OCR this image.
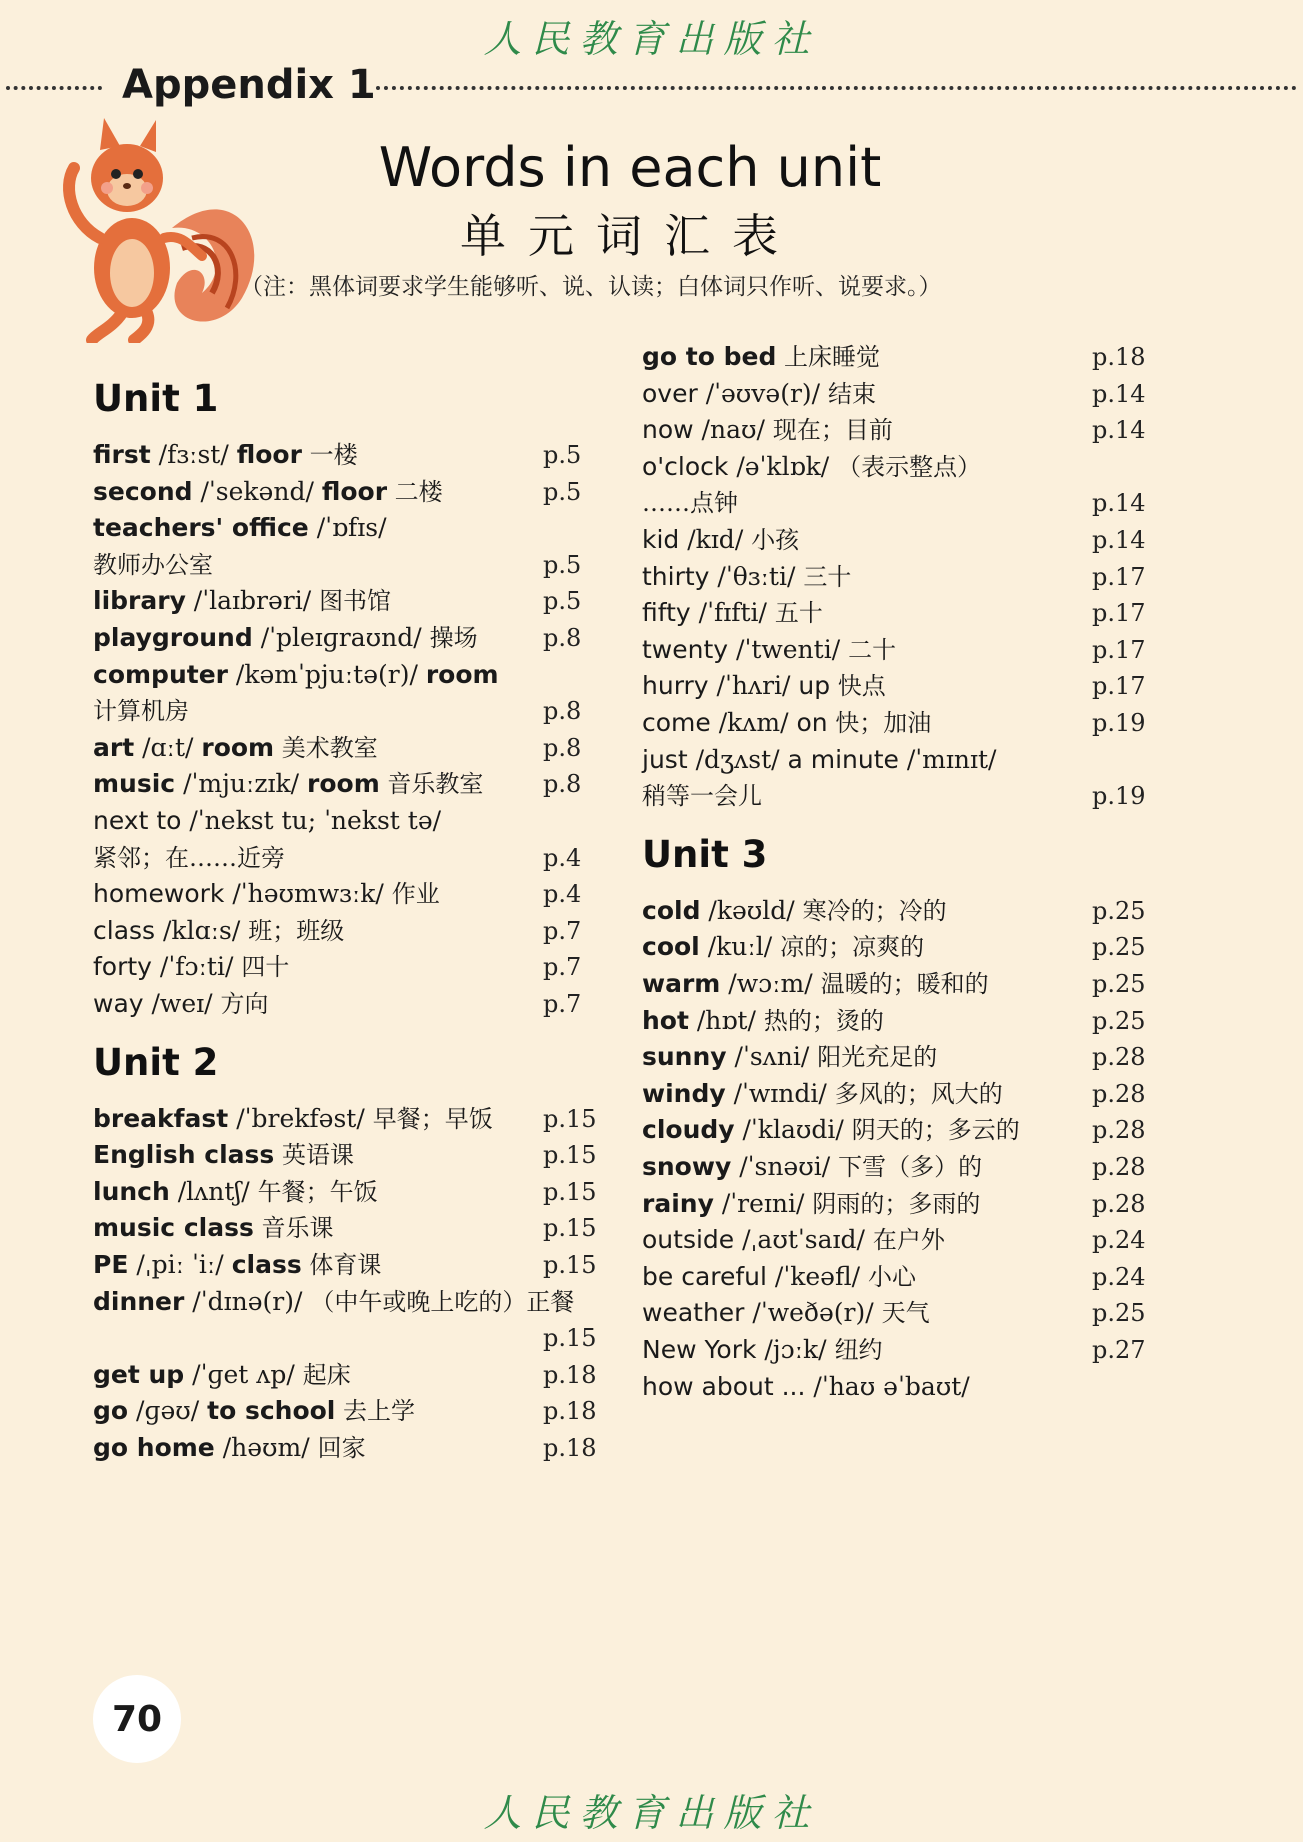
人民教育出版社
Appendix 1
Words in each unit
单元词汇表
（注：黑体词要求学生能够听、说、认读；白体词只作听、说要求。）
Unit 1
first /fɜːst/ floor 一楼	p.5
second /ˈsekənd/ floor 二楼	p.5
teachers' office /ˈɒfɪs/
教师办公室	p.5
library /ˈlaɪbrəri/ 图书馆	p.5
playground /ˈpleɪɡraʊnd/ 操场	p.8
computer /kəmˈpjuːtə(r)/ room
计算机房	p.8
art /ɑːt/ room 美术教室	p.8
music /ˈmjuːzɪk/ room 音乐教室 p.8
next to /ˈnekst tu; ˈnekst tə/
紧邻；在……近旁	p.4
homework /ˈhəʊmwɜːk/ 作业	p.4
class /klɑːs/ 班；班级	p.7
forty /ˈfɔːti/ 四十	p.7
way /weɪ/ 方向	p.7
Unit 2
breakfast /ˈbrekfəst/ 早餐；早饭 p.15
English class 英语课	p.15
lunch /lʌntʃ/ 午餐；午饭	p.15
music class 音乐课	p.15
PE /ˌpiː ˈiː/ class 体育课	p.15
dinner /ˈdɪnə(r)/ （中午或晚上吃的）正餐
p.15
get up /ˈɡet ʌp/ 起床	p.18
go /ɡəʊ/ to school 去上学	p.18
go home /həʊm/ 回家	p.18
go to bed 上床睡觉	p.18
over /ˈəʊvə(r)/ 结束	p.14
now /naʊ/ 现在；目前	p.14
o'clock /əˈklɒk/ （表示整点）
……点钟	p.14
kid /kɪd/ 小孩	p.14
thirty /ˈθɜːti/ 三十	p.17
fifty /ˈfɪfti/ 五十	p.17
twenty /ˈtwenti/ 二十	p.17
hurry /ˈhʌri/ up 快点	p.17
come /kʌm/ on 快；加油	p.19
just /dʒʌst/ a minute /ˈmɪnɪt/
稍等一会儿	p.19
Unit 3
cold /kəʊld/ 寒冷的；冷的	p.25
cool /kuːl/ 凉的；凉爽的	p.25
warm /wɔːm/ 温暖的；暖和的	p.25
hot /hɒt/ 热的；烫的	p.25
sunny /ˈsʌni/ 阳光充足的	p.28
windy /ˈwɪndi/ 多风的；风大的	p.28
cloudy /ˈklaʊdi/ 阴天的；多云的	p.28
snowy /ˈsnəʊi/ 下雪（多）的	p.28
rainy /ˈreɪni/ 阴雨的；多雨的	p.28
outside /ˌaʊtˈsaɪd/ 在户外	p.24
be careful /ˈkeəfl/ 小心	p.24
weather /ˈweðə(r)/ 天气	p.25
New York /jɔːk/ 纽约	p.27
how about ... /ˈhaʊ əˈbaʊt/
70
人民教育出版社
